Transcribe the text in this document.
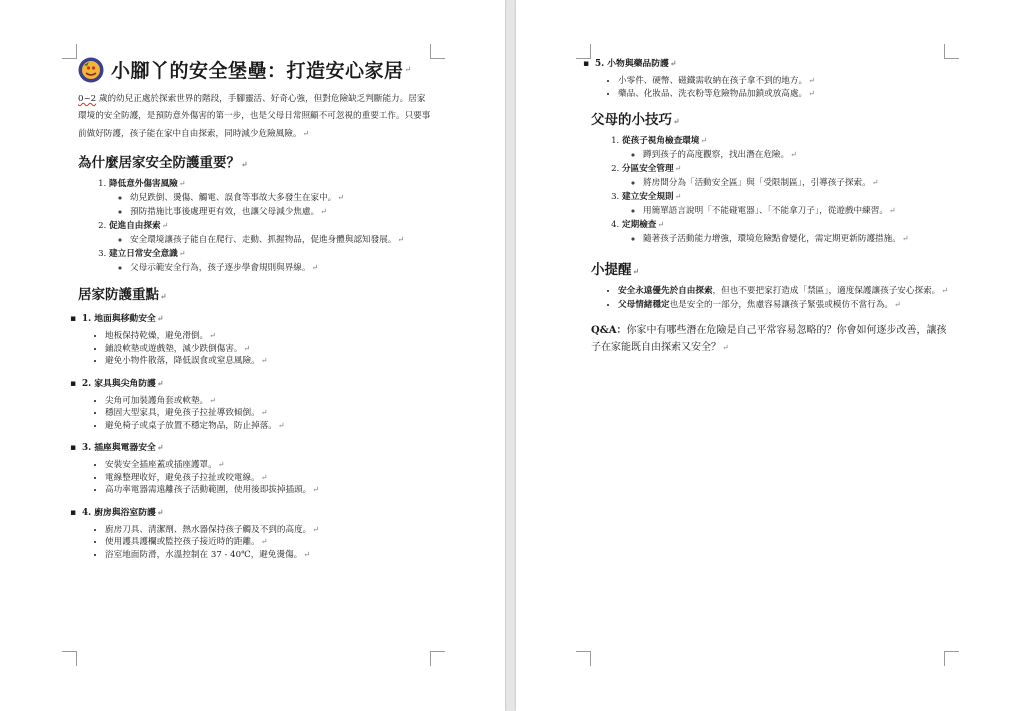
小腳丫的安全堡壘：打造安心家居 ↵

0~2 歲的幼兒正處於探索世界的階段，手腳靈活、好奇心強，但對危險缺乏判斷能力。居家環境的安全防護，是預防意外傷害的第一步，也是父母日常照顧不可忽視的重要工作。只要事前做好防護，孩子能在家中自由探索，同時減少危險風險。↵

為什麼居家安全防護重要？↵
1. 降低意外傷害風險↵
◦ 幼兒跌倒、燙傷、觸電、誤食等事故大多發生在家中。↵
◦ 預防措施比事後處理更有效，也讓父母減少焦慮。↵
2. 促進自由探索↵
◦ 安全環境讓孩子能自在爬行、走動、抓握物品，促進身體與認知發展。↵
3. 建立日常安全意識↵
◦ 父母示範安全行為，孩子逐步學會規則與界線。↵
居家防護重點↵
▪ 1. 地面與移動安全↵
• 地板保持乾燥，避免滑倒。↵
• 鋪設軟墊或遊戲墊，減少跌倒傷害。↵
• 避免小物件散落，降低誤食或窒息風險。↵
▪ 2. 家具與尖角防護↵
• 尖角可加裝護角套或軟墊。↵
• 穩固大型家具，避免孩子拉扯導致傾倒。↵
• 避免椅子或桌子放置不穩定物品，防止掉落。↵
▪ 3. 插座與電器安全↵
• 安裝安全插座蓋或插座護罩。↵
• 電線整理收好，避免孩子拉扯或咬電線。↵
• 高功率電器需遠離孩子活動範圍，使用後即拔掉插頭。↵
▪ 4. 廚房與浴室防護↵
• 廚房刀具、清潔劑、熱水器保持孩子觸及不到的高度。↵
• 使用護具護欄或監控孩子接近時的距離。↵
• 浴室地面防滑，水溫控制在 37 - 40℃，避免燙傷。↵
▪ 5. 小物與藥品防護↵
• 小零件、硬幣、磁鐵需收納在孩子拿不到的地方。↵
• 藥品、化妝品、洗衣粉等危險物品加鎖或放高處。↵
父母的小技巧↵
1. 從孩子視角檢查環境↵
◦ 蹲到孩子的高度觀察，找出潛在危險。↵
2. 分區安全管理↵
◦ 將房間分為「活動安全區」與「受限制區」，引導孩子探索。↵
3. 建立安全規則↵
◦ 用簡單語言說明「不能碰電器」、「不能拿刀子」，從遊戲中練習。↵
4. 定期檢查↵
◦ 隨著孩子活動能力增強，環境危險點會變化，需定期更新防護措施。↵
小提醒↵
• 安全永遠優先於自由探索，但也不要把家打造成「禁區」，適度保護讓孩子安心探索。↵
• 父母情緒穩定也是安全的一部分，焦慮容易讓孩子緊張或模仿不當行為。↵

Q&A：你家中有哪些潛在危險是自己平常容易忽略的？你會如何逐步改善，讓孩子在家能既自由探索又安全？↵
